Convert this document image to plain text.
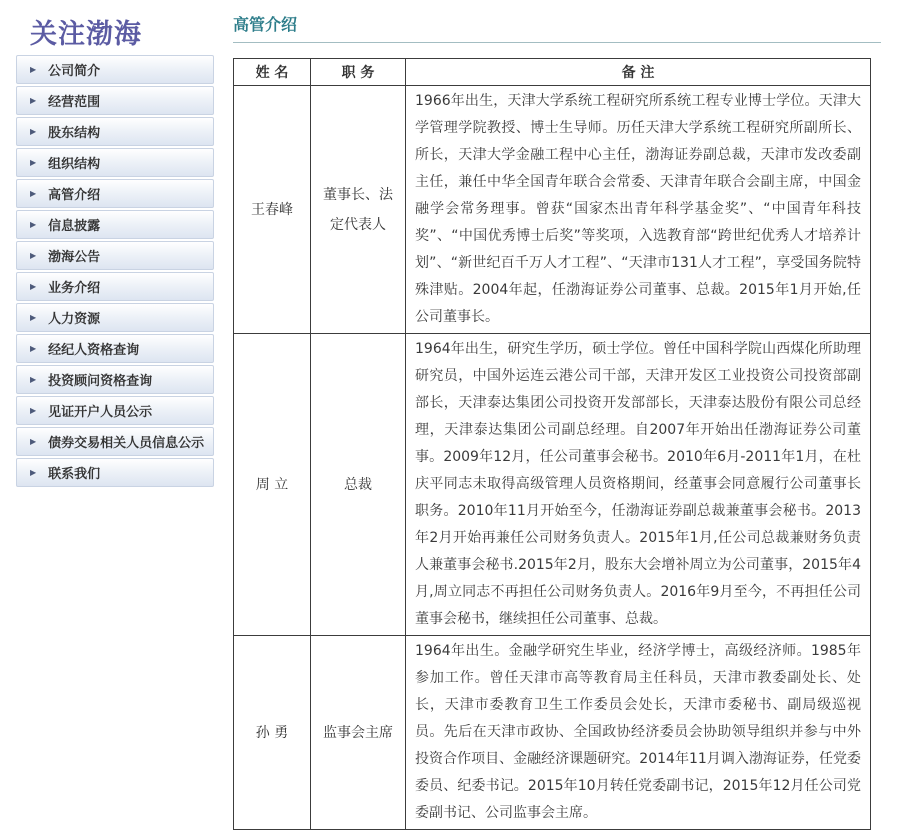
关注渤海
▶ 公司简介
▶ 经营范围
▶ 股东结构
▶ 组织结构
▶ 高管介绍
▶ 信息披露
▶ 渤海公告
▶ 业务介绍
▶ 人力资源
▶ 经纪人资格查询
▶ 投资顾问资格查询
▶ 见证开户人员公示
▶ 债券交易相关人员信息公示
▶ 联系我们
高管介绍
姓 名	职 务	备 注
王春峰	董事长、法定代表人	1966年出生，天津大学系统工程研究所系统工程专业博士学位。天津大学管理学院教授、博士生导师。历任天津大学系统工程研究所副所长、所长，天津大学金融工程中心主任，渤海证券副总裁，天津市发改委副主任，兼任中华全国青年联合会常委、天津青年联合会副主席，中国金融学会常务理事。曾获“国家杰出青年科学基金奖”、“中国青年科技奖”、“中国优秀博士后奖”等奖项，入选教育部“跨世纪优秀人才培养计划”、“新世纪百千万人才工程”、“天津市131人才工程”，享受国务院特殊津贴。2004年起，任渤海证券公司董事、总裁。2015年1月开始,任公司董事长。
周 立	总裁	1964年出生，研究生学历，硕士学位。曾任中国科学院山西煤化所助理研究员，中国外运连云港公司干部，天津开发区工业投资公司投资部副部长，天津泰达集团公司投资开发部部长，天津泰达股份有限公司总经理，天津泰达集团公司副总经理。自2007年开始出任渤海证券公司董事。2009年12月，任公司董事会秘书。2010年6月-2011年1月，在杜庆平同志未取得高级管理人员资格期间，经董事会同意履行公司董事长职务。2010年11月开始至今，任渤海证券副总裁兼董事会秘书。2013年2月开始再兼任公司财务负责人。2015年1月,任公司总裁兼财务负责人兼董事会秘书.2015年2月，股东大会增补周立为公司董事，2015年4月,周立同志不再担任公司财务负责人。2016年9月至今，不再担任公司董事会秘书，继续担任公司董事、总裁。
孙 勇	监事会主席	1964年出生。金融学研究生毕业，经济学博士，高级经济师。1985年参加工作。曾任天津市高等教育局主任科员，天津市教委副处长、处长，天津市委教育卫生工作委员会处长，天津市委秘书、副局级巡视员。先后在天津市政协、全国政协经济委员会协助领导组织并参与中外投资合作项目、金融经济课题研究。2014年11月调入渤海证券，任党委委员、纪委书记。2015年10月转任党委副书记，2015年12月任公司党委副书记、公司监事会主席。
